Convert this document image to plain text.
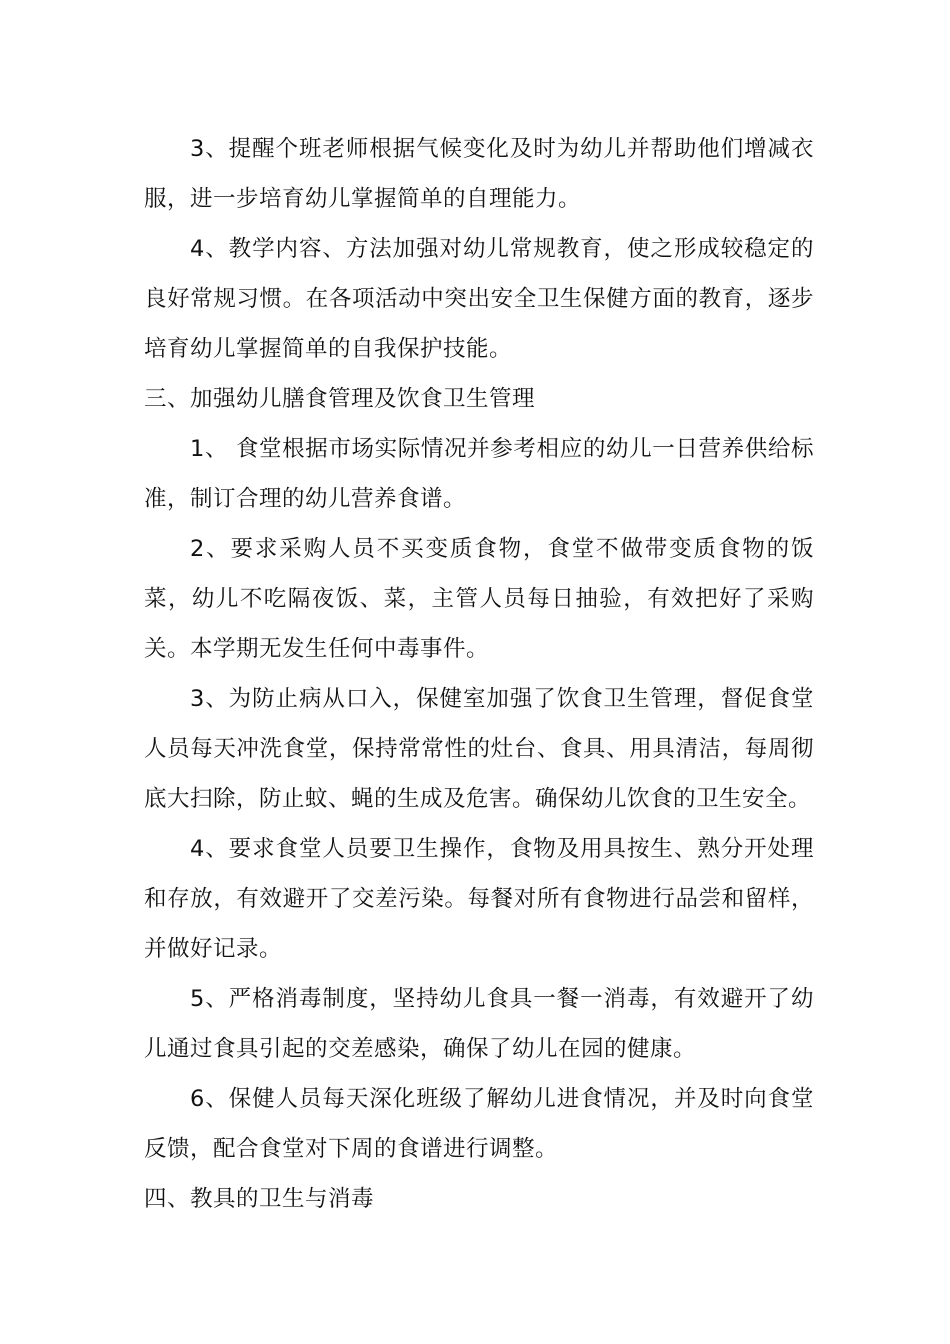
3、提醒个班老师根据气候变化及时为幼儿并帮助他们增减衣服，进一步培育幼儿掌握简单的自理能力。

4、教学内容、方法加强对幼儿常规教育，使之形成较稳定的良好常规习惯。在各项活动中突出安全卫生保健方面的教育，逐步培育幼儿掌握简单的自我保护技能。

三、加强幼儿膳食管理及饮食卫生管理

1、 食堂根据市场实际情况并参考相应的幼儿一日营养供给标准，制订合理的幼儿营养食谱。

2、要求采购人员不买变质食物，食堂不做带变质食物的饭菜，幼儿不吃隔夜饭、菜，主管人员每日抽验，有效把好了采购关。本学期无发生任何中毒事件。

3、为防止病从口入，保健室加强了饮食卫生管理，督促食堂人员每天冲洗食堂，保持常常性的灶台、食具、用具清洁，每周彻底大扫除，防止蚊、蝇的生成及危害。确保幼儿饮食的卫生安全。

4、要求食堂人员要卫生操作，食物及用具按生、熟分开处理和存放，有效避开了交差污染。每餐对所有食物进行品尝和留样，并做好记录。

5、严格消毒制度，坚持幼儿食具一餐一消毒，有效避开了幼儿通过食具引起的交差感染，确保了幼儿在园的健康。

6、保健人员每天深化班级了解幼儿进食情况，并及时向食堂反馈，配合食堂对下周的食谱进行调整。

四、教具的卫生与消毒
